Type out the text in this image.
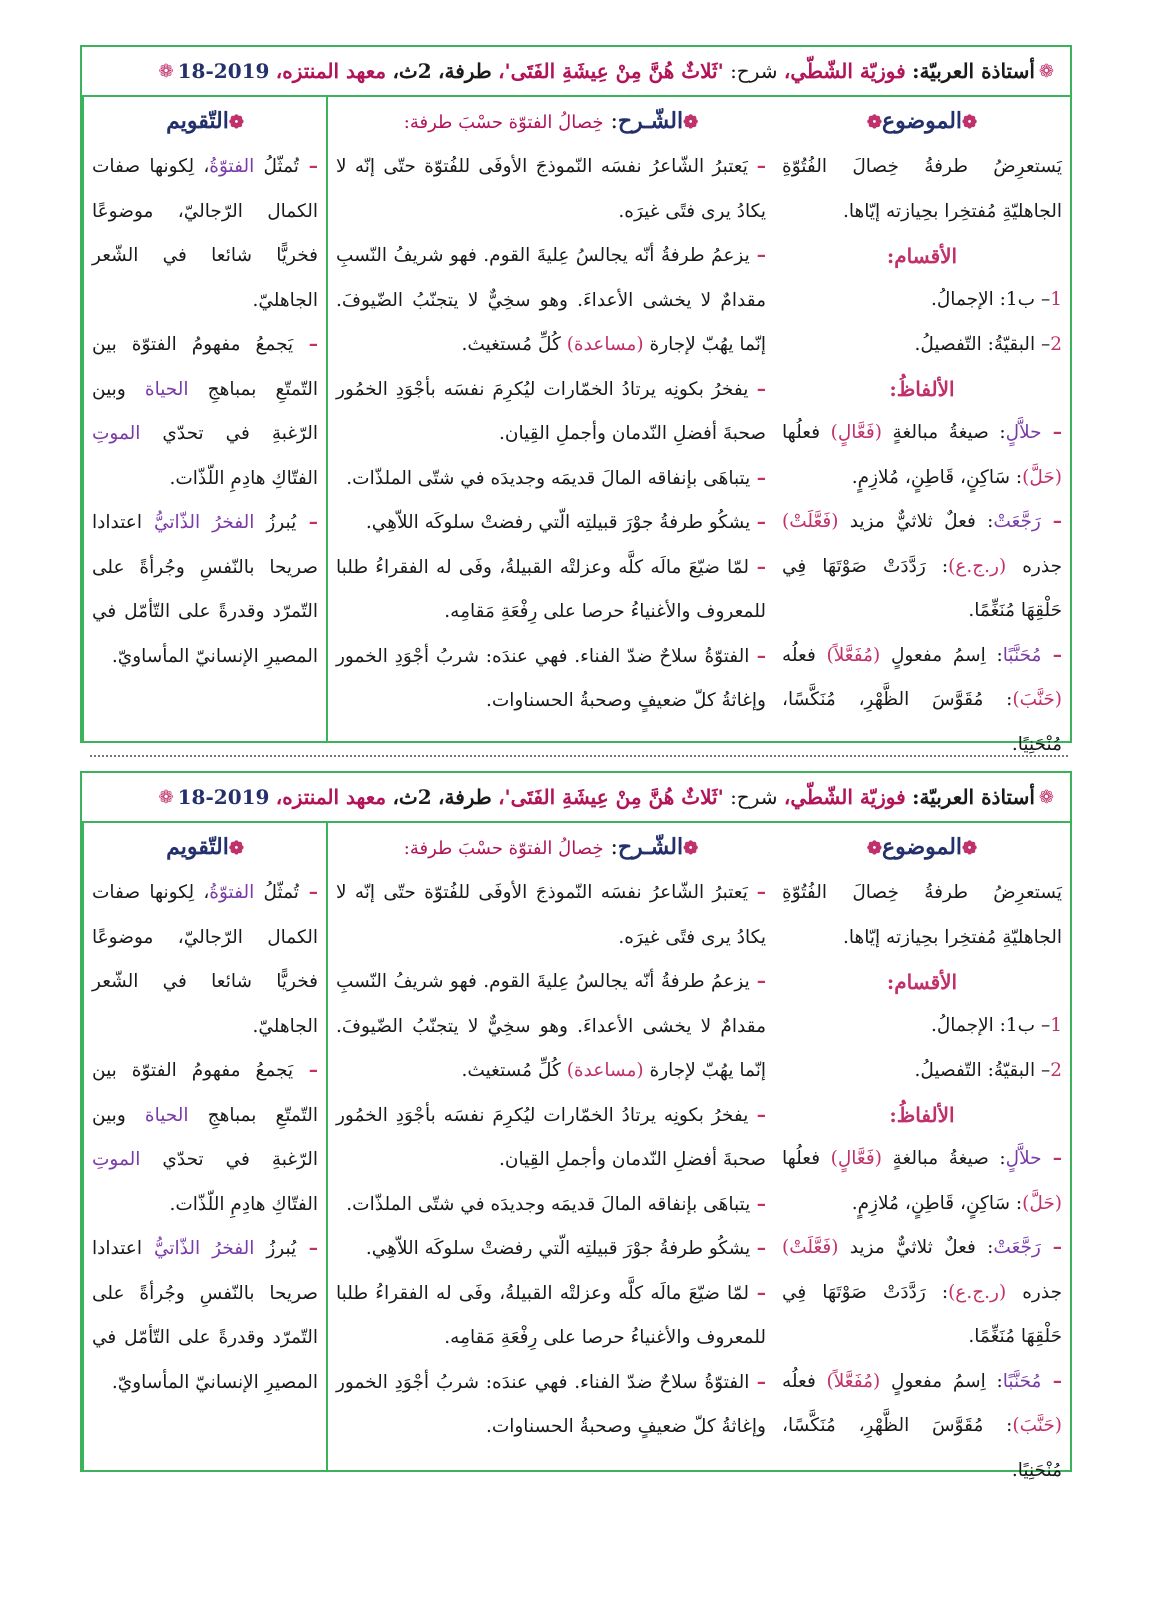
❁
أستاذة العربيّة:

فوزيّة الشّطّي،

شرح:

'ثَلاثٌ هُنَّ مِنْ عِيشَةِ الفَتَى'،

طرفة،

2ث،

معهد المنتزه،

18-2019
❁
❁الموضوع❁

يَستعرِضُ طرفةُ خِصالَ الفُتُوّةِ الجاهليّةِ مُفتخِرا بحِيازته إيّاها.

الأقسام:

1– ب1: الإجمالُ.

2– البقيّةُ: التّفصيلُ.

الألفاظُ:

– حلاَّلٍ: صيغةُ مبالغةٍ (فَعَّالٍ) فعلُها (حَلَّ): سَاكِنٍ، قَاطِنٍ، مُلازِمٍ.

– رَجَّعَتْ: فعلٌ ثلاثيٌّ مزيد (فَعَّلَتْ) جذره (ر.ج.ع): رَدَّدَتْ صَوْتَهَا فِي حَلْقِهَا مُنَغِّمًا.

– مُحَنَّبًا: اِسمُ مفعولٍ (مُفَعَّلاً) فعلُه (حَنَّبَ): مُقَوَّسَ الظَّهْرِ، مُنَكَّسًا، مُنْحَنِيًا.

❁الشّـرح: خِصالُ الفتوّة حسْبَ طرفة:

– يَعتبرُ الشّاعرُ نفسَه النّموذجَ الأوفَى للفُتوّة حتّى إنّه لا يكادُ يرى فتًى غيرَه.

– يزعمُ طرفةُ أنّه يجالسُ عِليةَ القوم. فهو شريفُ النّسبِ مقدامٌ لا يخشى الأعداءَ. وهو سخِيٌّ لا يتجنّبُ الضّيوفَ. إنّما يهُبّ لإجارة (مساعدة) كُلِّ مُستغيث.

– يفخرُ بكونِه يرتادُ الخمّارات ليُكرِمَ نفسَه بأجْوَدِ الخمُور صحبةَ أفضلِ النّدمان وأجملِ القِيان.

– يتباهَى بإنفاقه المالَ قديمَه وجديدَه في شتّى الملذّات.

– يشكُو طرفةُ جوْرَ قبيلتِه الّتي رفضتْ سلوكَه اللاّهِي.

– لمّا ضيّعَ مالَه كلَّه وعزلتْه القبيلةُ، وفَى له الفقراءُ طلبا للمعروف والأغنياءُ حرصا على رِفْعَةِ مَقامِه.

– الفتوّةُ سلاحٌ ضدّ الفناء. فهي عندَه: شربُ أجْوَدِ الخمور وإغاثةُ كلّ ضعيفٍ وصحبةُ الحسناوات.

❁التّقويم

– تُمثّلُ الفتوّةُ، لِكونها صفات الكمال الرّجاليّ، موضوعًا فخريًّا شائعا في الشّعر الجاهليّ.

– يَجمعُ مفهومُ الفتوّة بين التّمتّعِ بمباهجِ الحياة وبين الرّغبةِ في تحدّي الموتِ الفتّاكِ هادِمِ اللّذّات.

– يُبرزُ الفخرُ الذّاتيُّ اعتدادا صريحا بالنّفسِ وجُرأةً على التّمرّد وقدرةً على التّأمّل في المصيرِ الإنسانيّ المأساويّ.

❁
أستاذة العربيّة:

فوزيّة الشّطّي،

شرح:

'ثَلاثٌ هُنَّ مِنْ عِيشَةِ الفَتَى'،

طرفة،

2ث،

معهد المنتزه،

18-2019
❁
❁الموضوع❁

يَستعرِضُ طرفةُ خِصالَ الفُتُوّةِ الجاهليّةِ مُفتخِرا بحِيازته إيّاها.

الأقسام:

1– ب1: الإجمالُ.

2– البقيّةُ: التّفصيلُ.

الألفاظُ:

– حلاَّلٍ: صيغةُ مبالغةٍ (فَعَّالٍ) فعلُها (حَلَّ): سَاكِنٍ، قَاطِنٍ، مُلازِمٍ.

– رَجَّعَتْ: فعلٌ ثلاثيٌّ مزيد (فَعَّلَتْ) جذره (ر.ج.ع): رَدَّدَتْ صَوْتَهَا فِي حَلْقِهَا مُنَغِّمًا.

– مُحَنَّبًا: اِسمُ مفعولٍ (مُفَعَّلاً) فعلُه (حَنَّبَ): مُقَوَّسَ الظَّهْرِ، مُنَكَّسًا، مُنْحَنِيًا.

❁الشّـرح: خِصالُ الفتوّة حسْبَ طرفة:

– يَعتبرُ الشّاعرُ نفسَه النّموذجَ الأوفَى للفُتوّة حتّى إنّه لا يكادُ يرى فتًى غيرَه.

– يزعمُ طرفةُ أنّه يجالسُ عِليةَ القوم. فهو شريفُ النّسبِ مقدامٌ لا يخشى الأعداءَ. وهو سخِيٌّ لا يتجنّبُ الضّيوفَ. إنّما يهُبّ لإجارة (مساعدة) كُلِّ مُستغيث.

– يفخرُ بكونِه يرتادُ الخمّارات ليُكرِمَ نفسَه بأجْوَدِ الخمُور صحبةَ أفضلِ النّدمان وأجملِ القِيان.

– يتباهَى بإنفاقه المالَ قديمَه وجديدَه في شتّى الملذّات.

– يشكُو طرفةُ جوْرَ قبيلتِه الّتي رفضتْ سلوكَه اللاّهِي.

– لمّا ضيّعَ مالَه كلَّه وعزلتْه القبيلةُ، وفَى له الفقراءُ طلبا للمعروف والأغنياءُ حرصا على رِفْعَةِ مَقامِه.

– الفتوّةُ سلاحٌ ضدّ الفناء. فهي عندَه: شربُ أجْوَدِ الخمور وإغاثةُ كلّ ضعيفٍ وصحبةُ الحسناوات.

❁التّقويم

– تُمثّلُ الفتوّةُ، لِكونها صفات الكمال الرّجاليّ، موضوعًا فخريًّا شائعا في الشّعر الجاهليّ.

– يَجمعُ مفهومُ الفتوّة بين التّمتّعِ بمباهجِ الحياة وبين الرّغبةِ في تحدّي الموتِ الفتّاكِ هادِمِ اللّذّات.

– يُبرزُ الفخرُ الذّاتيُّ اعتدادا صريحا بالنّفسِ وجُرأةً على التّمرّد وقدرةً على التّأمّل في المصيرِ الإنسانيّ المأساويّ.
